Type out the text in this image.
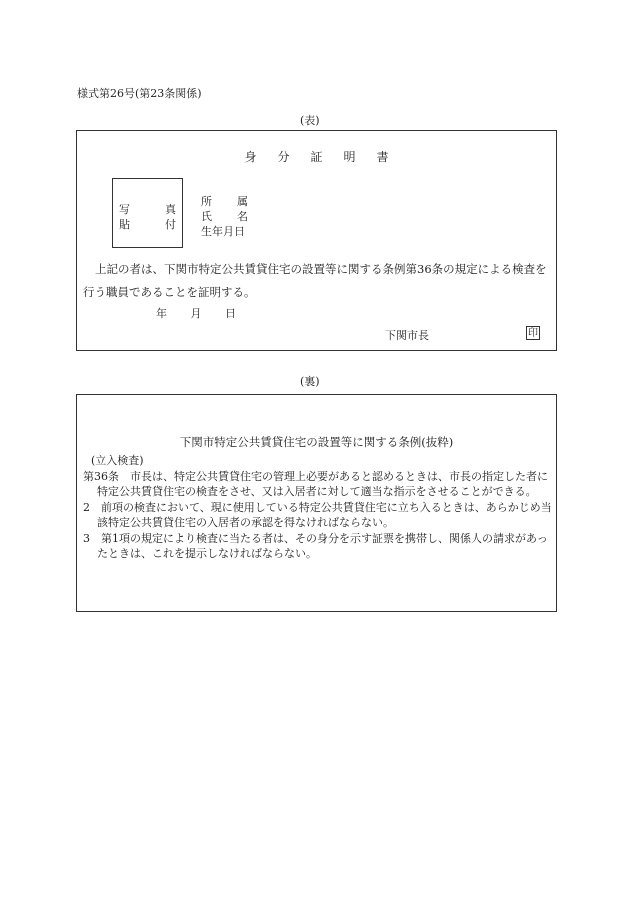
様式第26号(第23条関係)
(表)
身分証明書
写	真
貼	付
所 属
氏 名
生年月日
上記の者は、下関市特定公共賃貸住宅の設置等に関する条例第36条の規定による検査を行う職員であることを証明する。
年 月 日
下関市長	印
(裏)
下関市特定公共賃貸住宅の設置等に関する条例(抜粋)

(立入検査)

第36条　市長は、特定公共賃貸住宅の管理上必要があると認めるときは、市長の指定した者に特定公共賃貸住宅の検査をさせ、又は入居者に対して適当な指示をさせることができる。

2　前項の検査において、現に使用している特定公共賃貸住宅に立ち入るときは、あらかじめ当該特定公共賃貸住宅の入居者の承認を得なければならない。

3　第1項の規定により検査に当たる者は、その身分を示す証票を携帯し、関係人の請求があったときは、これを提示しなければならない。
